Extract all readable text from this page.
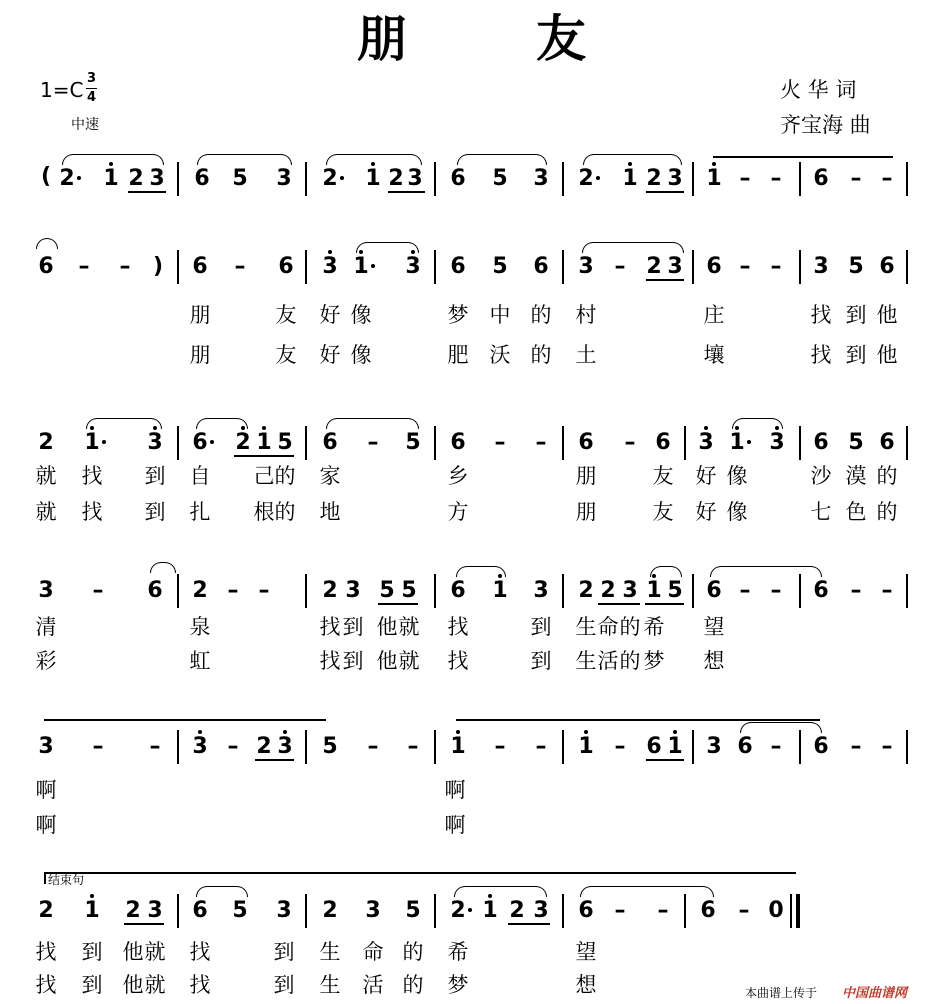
朋	友
1=C 3
4
中速
火 华 词
齐宝海 曲
( 2 1 2 3 6 5 3 2 1 2 3 6 5 3 2 1 2 3 1 – – 6 – –
6 – – ) 6 – 6 3 1 3 6 5 6 3 – 2 3 6 – – 3 5 6
朋	友 好 像	梦 中 的 村	庄	找 到 他
朋	友 好 像	肥 沃 的 土	壤	找 到 他
2 1 3 6 2 1 5 6 – 5 6 – – 6 – 6 3 1 3 6 5 6
就 找 到 自 己 的 家	乡	朋	友 好 像	沙 漠 的
就 找 到 扎 根 的 地	方	朋	友 好 像	七 色 的
3 – 6 2 – – 2 3 5 5 6 1 3 2 2 3 1 5 6 – – 6 – –
清	泉	找 到 他 就 找	到 生 命 的 希 望
彩	虹	找 到 他 就 找	到 生 活 的 梦 想
3 – – 3 – 2 3 5 – – 1 – – 1 – 6 1 3 6 – 6 – –
啊	啊
啊	啊
2 1 2 3 6 5 3 2 3 5 2 1 2 3 6 – – 6 – 0
找 到 他 就 找	到 生 命 的 希	望
找 到 他 就 找	到 生 活 的 梦	想
结束句
本曲谱上传于 中国曲谱网
